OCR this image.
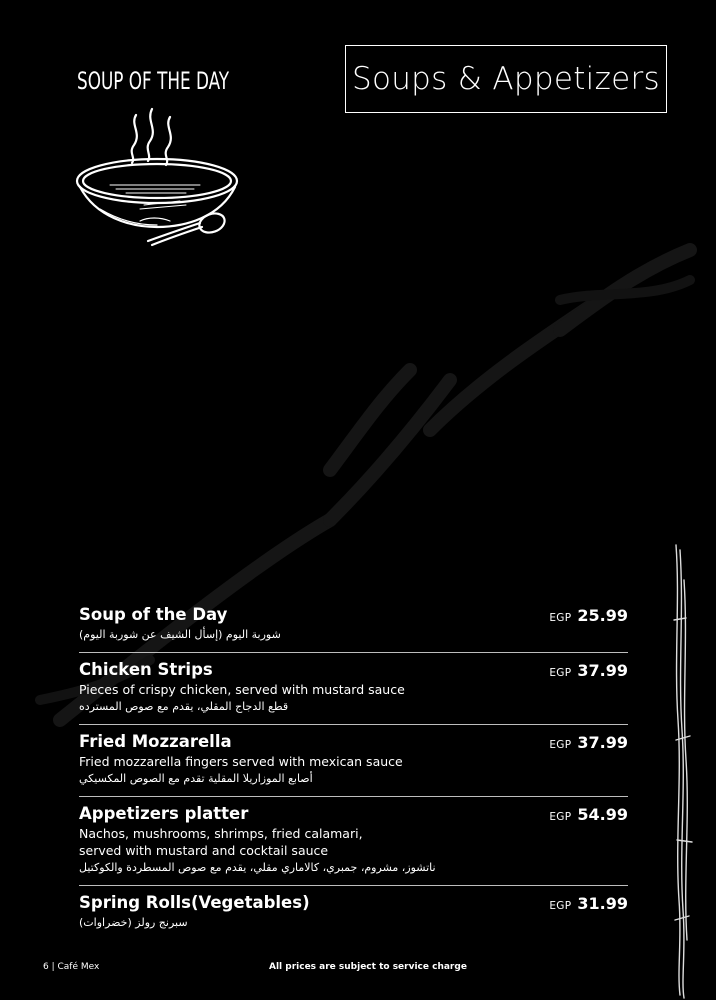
SOUP OF THE DAY	Soups & Appetizers
Soup of the Day
شوربة اليوم (إسأل الشيف عن شوربة اليوم)
EGP 25.99
Chicken Strips
Pieces of crispy chicken, served with mustard sauce
قطع الدجاج المقلي، يقدم مع صوص المسترده
EGP 37.99
Fried Mozzarella
Fried mozzarella fingers served with mexican sauce
أصابع الموزاريلا المقلية تقدم مع الصوص المكسيكي
EGP 37.99
Appetizers platter
Nachos, mushrooms, shrimps, fried calamari,
served with mustard and cocktail sauce
ناتشوز، مشروم، جمبري، كالاماري مقلي، يقدم مع صوص المسطردة والكوكتيل
EGP 54.99
Spring Rolls(Vegetables)
سبرنج رولز (خضراوات)
EGP 31.99
6 | Café Mex	All prices are subject to service charge
